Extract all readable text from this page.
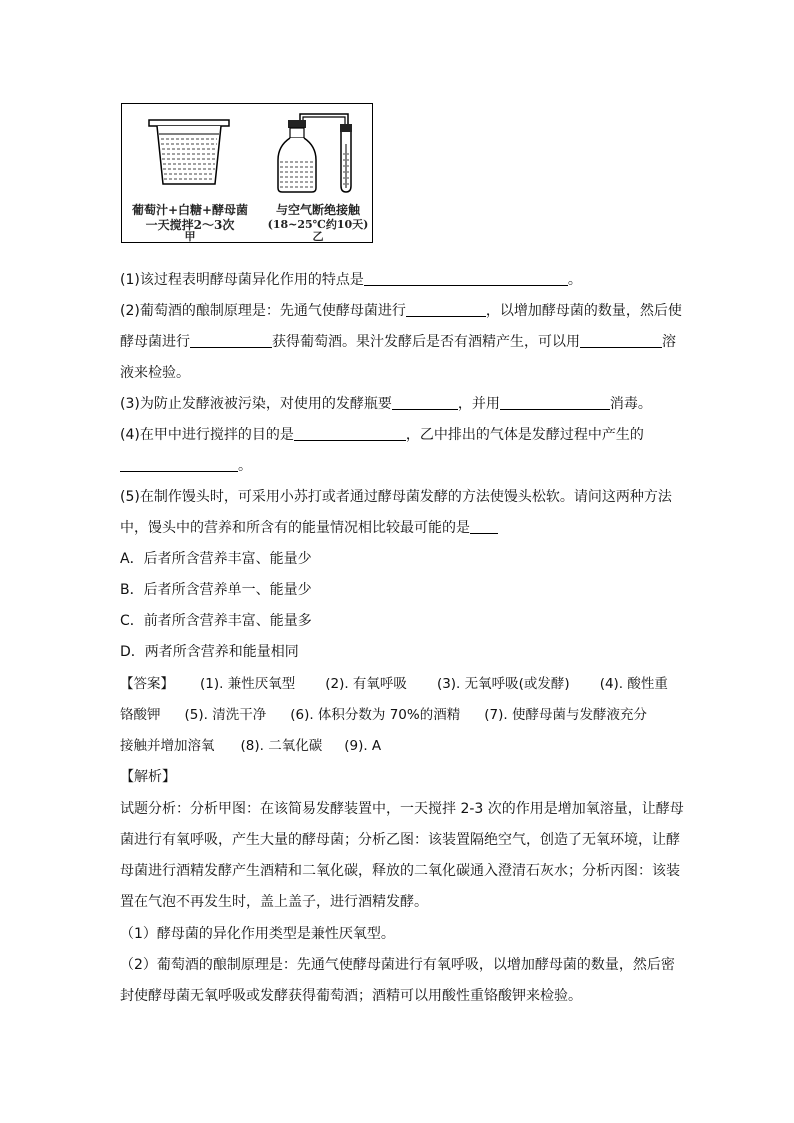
葡萄汁+白糖+酵母菌
一天搅拌2～3次
甲
与空气断绝接触
(18~25℃约10天)
乙
(1)该过程表明酵母菌异化作用的特点是	。
(2)葡萄酒的酿制原理是：先通气使酵母菌进行	，以增加酵母菌的数量，然后使
酵母菌进行	获得葡萄酒。果汁发酵后是否有酒精产生，可以用	溶
液来检验。
(3)为防止发酵液被污染，对使用的发酵瓶要	，并用	消毒。
(4)在甲中进行搅拌的目的是	，乙中排出的气体是发酵过程中产生的
。
(5)在制作馒头时，可采用小苏打或者通过酵母菌发酵的方法使馒头松软。请问这两种方法
中，馒头中的营养和所含有的能量情况相比较最可能的是
A．后者所含营养丰富、能量少
B．后者所含营养单一、能量少
C．前者所含营养丰富、能量多
D．两者所含营养和能量相同
【答案】 (1). 兼性厌氧型 (2). 有氧呼吸 (3). 无氧呼吸(或发酵) (4). 酸性重
铬酸钾 (5). 清洗干净 (6). 体积分数为 70%的酒精 (7). 使酵母菌与发酵液充分
接触并增加溶氧 (8). 二氧化碳 (9). A
【解析】
试题分析：分析甲图：在该简易发酵装置中，一天搅拌 2-3 次的作用是增加氧溶量，让酵母
菌进行有氧呼吸，产生大量的酵母菌；分析乙图：该装置隔绝空气，创造了无氧环境，让酵
母菌进行酒精发酵产生酒精和二氧化碳，释放的二氧化碳通入澄清石灰水；分析丙图：该装
置在气泡不再发生时，盖上盖子，进行酒精发酵。
（1）酵母菌的异化作用类型是兼性厌氧型。
（2）葡萄酒的酿制原理是：先通气使酵母菌进行有氧呼吸，以增加酵母菌的数量，然后密
封使酵母菌无氧呼吸或发酵获得葡萄酒；酒精可以用酸性重铬酸钾来检验。
